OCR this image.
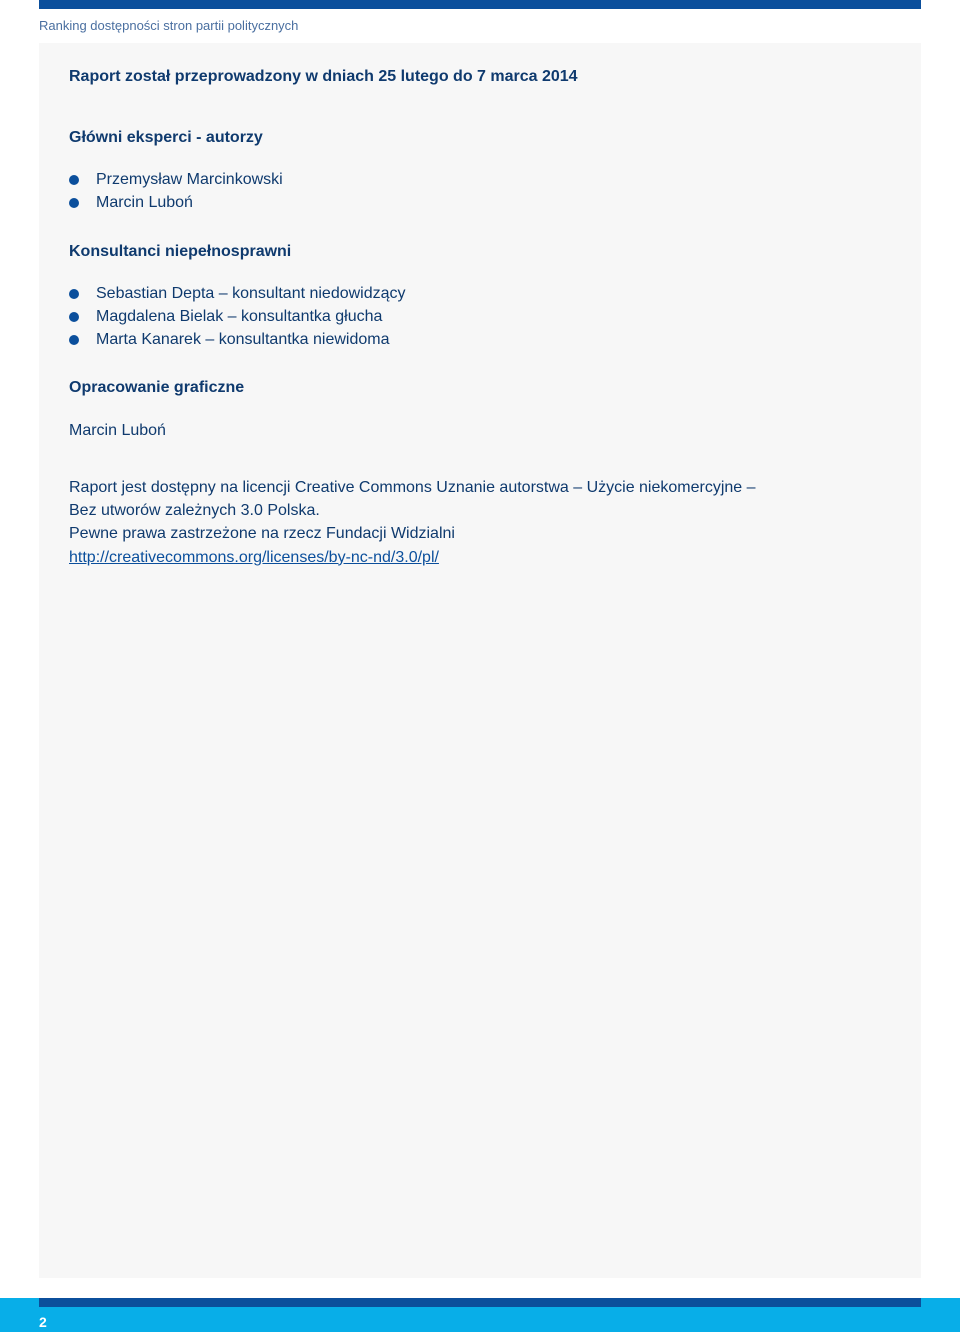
Ranking dostępności stron partii politycznych

Raport został przeprowadzony w dniach 25 lutego do 7 marca 2014

Główni eksperci - autorzy

Przemysław Marcinkowski
Marcin Luboń

Konsultanci niepełnosprawni

Sebastian Depta – konsultant niedowidzący
Magdalena Bielak – konsultantka głucha
Marta Kanarek – konsultantka niewidoma

Opracowanie graficzne

Marcin Luboń

Raport jest dostępny na licencji Creative Commons Uznanie autorstwa – Użycie niekomercyjne –

Bez utworów zależnych 3.0 Polska.

Pewne prawa zastrzeżone na rzecz Fundacji Widzialni

http://creativecommons.org/licenses/by-nc-nd/3.0/pl/

2
